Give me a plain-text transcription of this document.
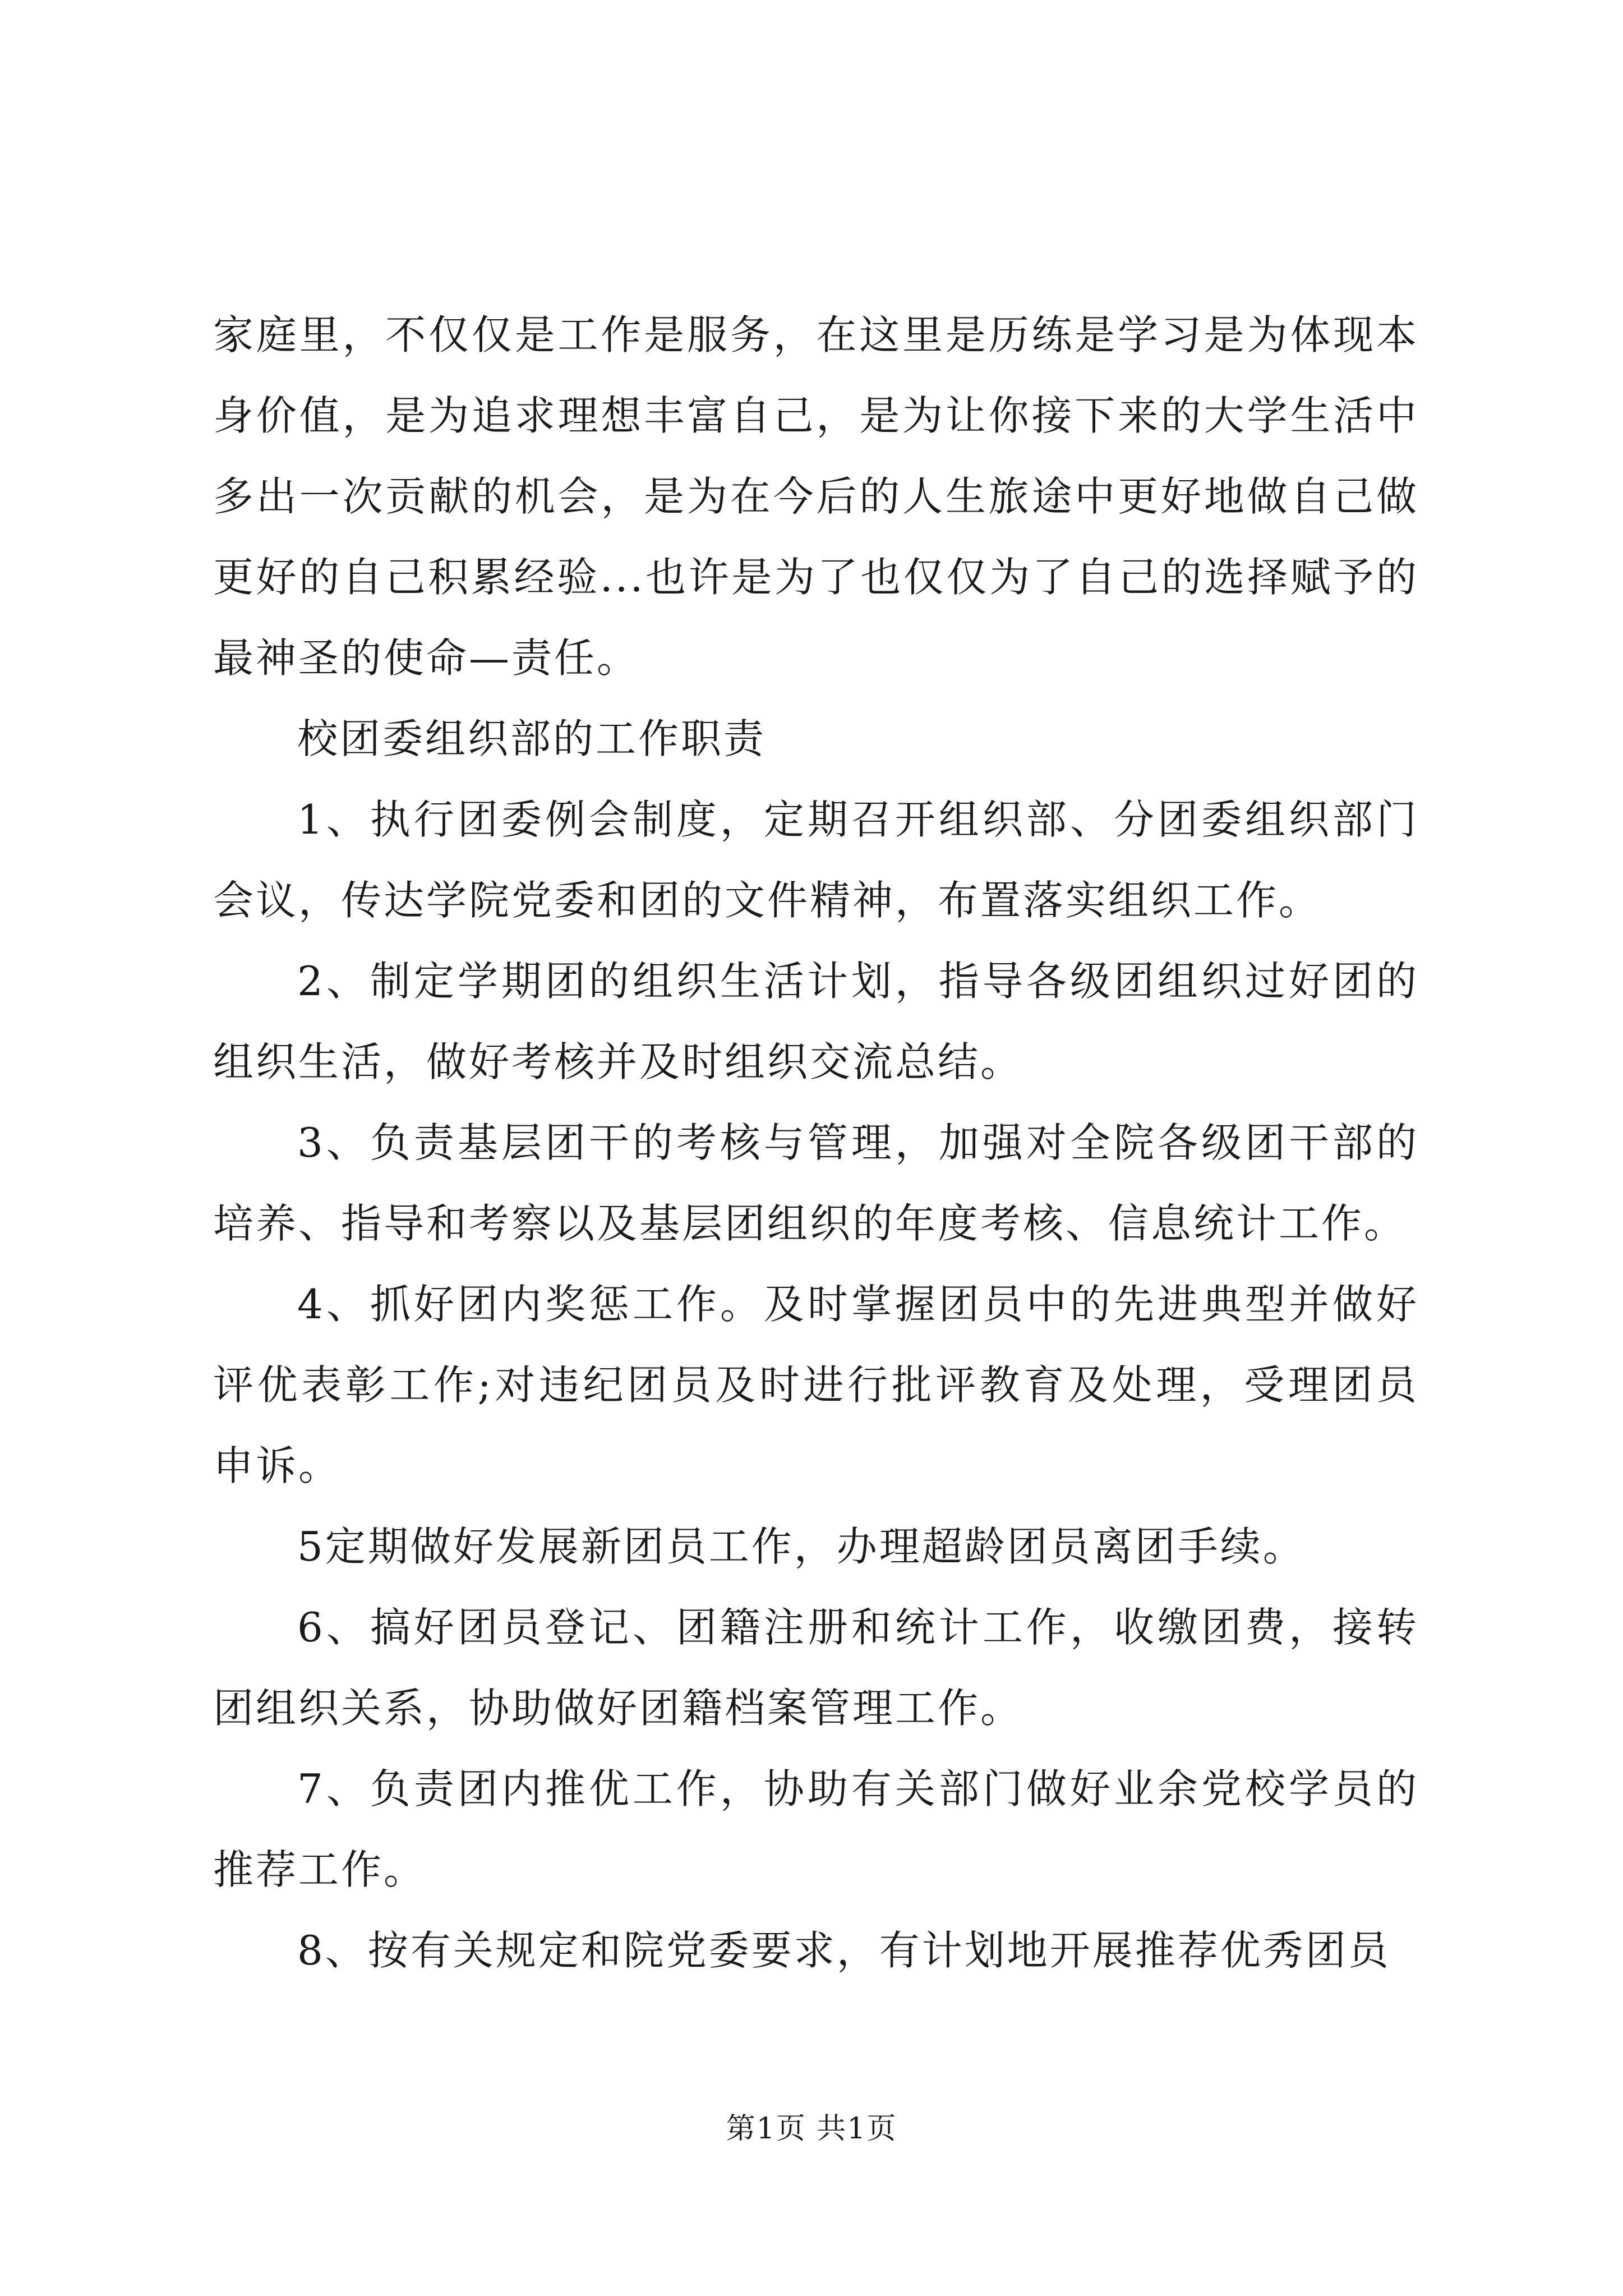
家庭里，不仅仅是工作是服务，在这里是历练是学习是为体现本身价值，是为追求理想丰富自己，是为让你接下来的大学生活中多出一次贡献的机会，是为在今后的人生旅途中更好地做自己做更好的自己积累经验...也许是为了也仅仅为了自己的选择赋予的最神圣的使命—责任。

校团委组织部的工作职责

1、执行团委例会制度，定期召开组织部、分团委组织部门会议，传达学院党委和团的文件精神，布置落实组织工作。

2、制定学期团的组织生活计划，指导各级团组织过好团的组织生活，做好考核并及时组织交流总结。

3、负责基层团干的考核与管理，加强对全院各级团干部的培养、指导和考察以及基层团组织的年度考核、信息统计工作。

4、抓好团内奖惩工作。及时掌握团员中的先进典型并做好评优表彰工作;对违纪团员及时进行批评教育及处理，受理团员申诉。

5定期做好发展新团员工作，办理超龄团员离团手续。

6、搞好团员登记、团籍注册和统计工作，收缴团费，接转团组织关系，协助做好团籍档案管理工作。

7、负责团内推优工作，协助有关部门做好业余党校学员的推荐工作。

8、按有关规定和院党委要求，有计划地开展推荐优秀团员

第1页 共1页
